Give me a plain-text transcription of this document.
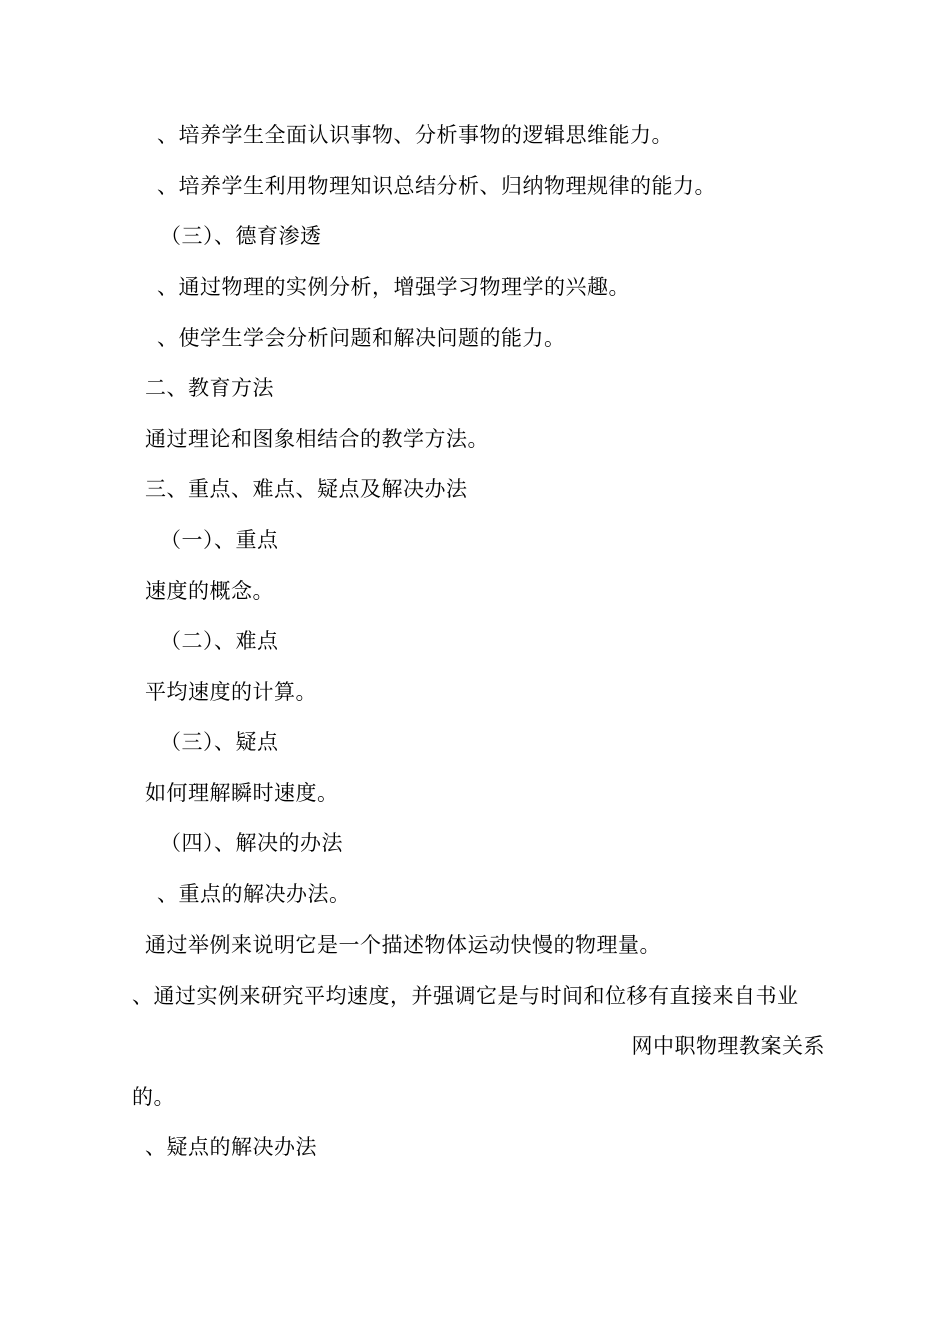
、培养学生全面认识事物、分析事物的逻辑思维能力。
、培养学生利用物理知识总结分析、归纳物理规律的能力。
（三）、德育渗透
、通过物理的实例分析，增强学习物理学的兴趣。
、使学生学会分析问题和解决问题的能力。
二、教育方法
通过理论和图象相结合的教学方法。
三、重点、难点、疑点及解决办法
（一）、重点
速度的概念。
（二）、难点
平均速度的计算。
（三）、疑点
如何理解瞬时速度。
（四）、解决的办法
、重点的解决办法。
通过举例来说明它是一个描述物体运动快慢的物理量。
、通过实例来研究平均速度，并强调它是与时间和位移有直接来自书业
网中职物理教案关系
的。
、疑点的解决办法
